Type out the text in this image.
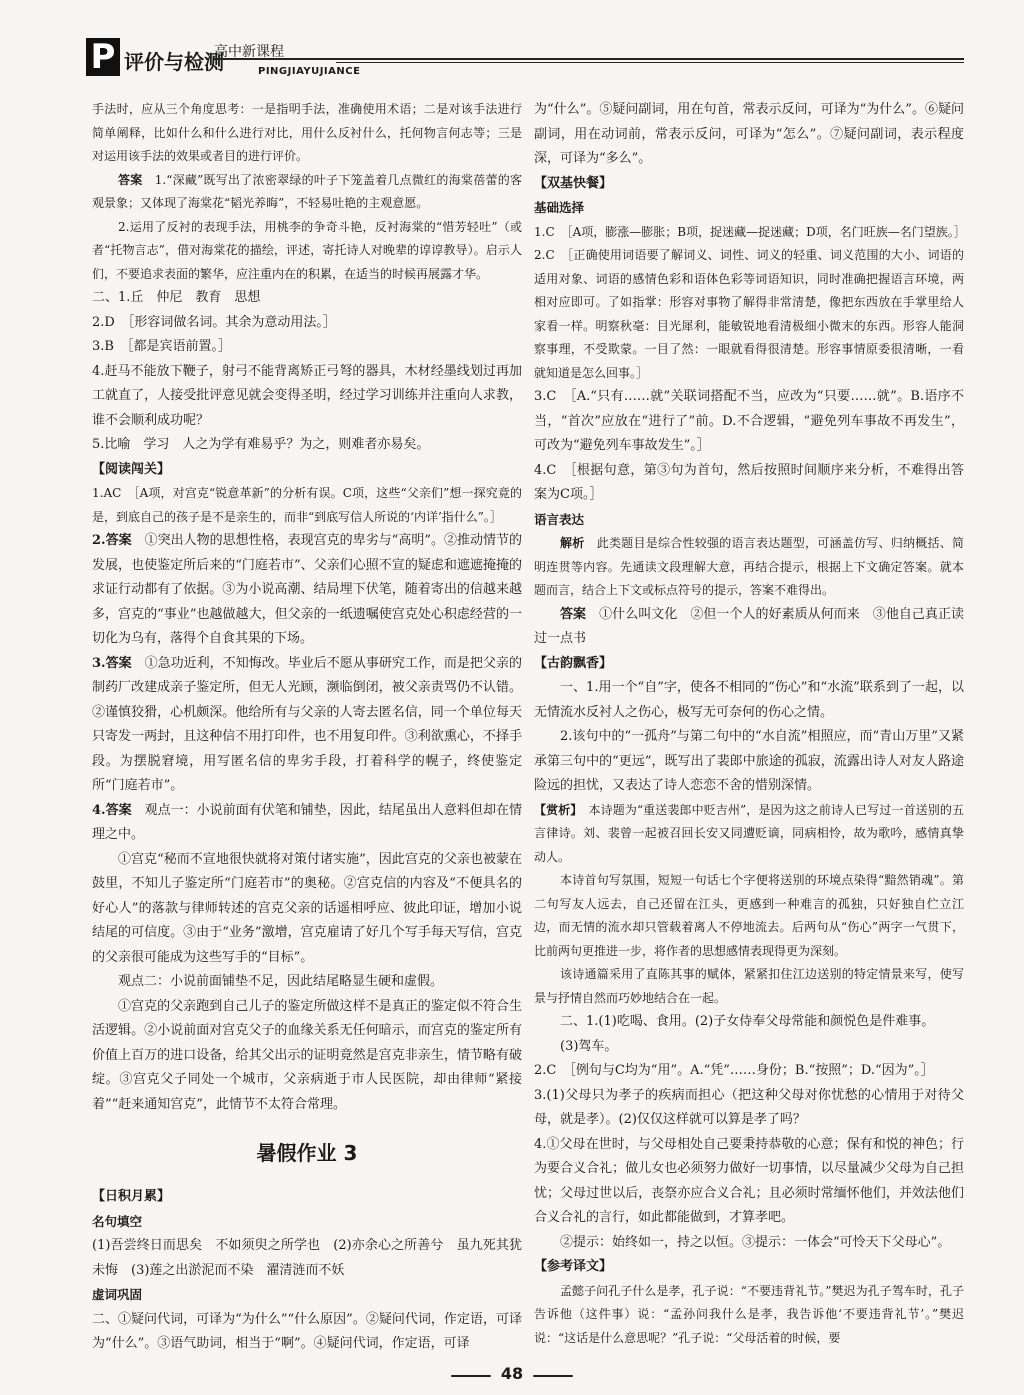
P 评价与检测
高中新课程
PINGJIAYUJIANCE

手法时，应从三个角度思考：一是指明手法，准确使用术语；二是对该手法进行简单阐释，比如什么和什么进行对比，用什么反衬什么，托何物言何志等；三是对运用该手法的效果或者目的进行评价。

答案　 1.“深藏”既写出了浓密翠绿的叶子下笼盖着几点微红的海棠蓓蕾的客观景象；又体现了海棠花“韬光养晦”，不轻易吐艳的主观意愿。

2.运用了反衬的表现手法，用桃李的争奇斗艳，反衬海棠的“惜芳轻吐”（或者“托物言志”，借对海棠花的描绘，评述，寄托诗人对晚辈的谆谆教导）。启示人们，不要追求表面的繁华，应注重内在的积累，在适当的时候再展露才华。

二、1.丘　仲尼　教育　思想

2.D　［形容词做名词。其余为意动用法。］

3.B　［都是宾语前置。］

4.赶马不能放下鞭子，射弓不能背离矫正弓弩的器具，木材经墨线划过再加工就直了，人接受批评意见就会变得圣明，经过学习训练并注重向人求教，谁不会顺利成功呢？

5.比喻　学习　人之为学有难易乎？为之，则难者亦易矣。

【阅读闯关】

1.AC　［A项，对宫克“锐意革新”的分析有误。C项，这些“父亲们”想一探究竟的是，到底自己的孩子是不是亲生的，而非“到底写信人所说的‘内详’指什么”。］

2.答案　 ①突出人物的思想性格，表现宫克的卑劣与“高明”。②推动情节的发展，也使鉴定所后来的“门庭若市”、父亲们心照不宣的疑虑和遮遮掩掩的求证行动都有了依据。③为小说高潮、结局埋下伏笔，随着寄出的信越来越多，宫克的“事业”也越做越大，但父亲的一纸遗嘱使宫克处心积虑经营的一切化为乌有，落得个自食其果的下场。

3.答案　 ①急功近利，不知悔改。毕业后不愿从事研究工作，而是把父亲的制药厂改建成亲子鉴定所，但无人光顾，濒临倒闭，被父亲责骂仍不认错。②谨慎狡猾，心机颇深。他给所有与父亲的人寄去匿名信，同一个单位每天只寄发一两封，且这种信不用打印件，也不用复印件。③利欲熏心，不择手段。为摆脱窘境，用写匿名信的卑劣手段，打着科学的幌子，终使鉴定所“门庭若市”。

4.答案　 观点一：小说前面有伏笔和铺垫，因此，结尾虽出人意料但却在情理之中。

①宫克“秘而不宣地很快就将对策付诸实施”，因此宫克的父亲也被蒙在鼓里，不知儿子鉴定所“门庭若市”的奥秘。②宫克信的内容及“不便具名的好心人”的落款与律师转述的宫克父亲的话遥相呼应、彼此印证，增加小说结尾的可信度。③由于“业务”激增，宫克雇请了好几个写手每天写信，宫克的父亲很可能成为这些写手的“目标”。

观点二：小说前面铺垫不足，因此结尾略显生硬和虚假。

①宫克的父亲跑到自己儿子的鉴定所做这样不是真正的鉴定似不符合生活逻辑。②小说前面对宫克父子的血缘关系无任何暗示，而宫克的鉴定所有价值上百万的进口设备，给其父出示的证明竟然是宫克非亲生，情节略有破绽。③宫克父子同处一个城市，父亲病逝于市人民医院，却由律师“紧接着”“赶来通知宫克”，此情节不太符合常理。

暑假作业 3

【日积月累】

名句填空

(1)吾尝终日而思矣　不如须臾之所学也　(2)亦余心之所善兮　虽九死其犹未悔　(3)莲之出淤泥而不染　濯清涟而不妖

虚词巩固

二、①疑问代词，可译为“为什么”“什么原因”。②疑问代词，作定语，可译为“什么”。③语气助词，相当于“啊”。④疑问代词，作定语，可译

为“什么”。⑤疑问副词，用在句首，常表示反问，可译为“为什么”。⑥疑问副词，用在动词前，常表示反问，可译为“怎么”。⑦疑问副词，表示程度深，可译为“多么”。

【双基快餐】

基础选择

1.C　［A项，膨涨—膨胀；B项，捉迷藏—捉迷藏；D项，名门旺族—名门望族。］

2.C　［正确使用词语要了解词义、词性、词义的轻重、词义范围的大小、词语的适用对象、词语的感情色彩和语体色彩等词语知识，同时准确把握语言环境，两相对应即可。了如指掌：形容对事物了解得非常清楚，像把东西放在手掌里给人家看一样。明察秋毫：目光犀利，能敏锐地看清极细小微末的东西。形容人能洞察事理，不受欺蒙。一目了然：一眼就看得很清楚。形容事情原委很清晰，一看就知道是怎么回事。］

3.C　［A.“只有……就”关联词搭配不当，应改为“只要……就”。B.语序不当，“首次”应放在“进行了”前。D.不合逻辑，“避免列车事故不再发生”，可改为“避免列车事故发生”。］

4.C　［根据句意，第③句为首句，然后按照时间顺序来分析，不难得出答案为C项。］

语言表达

解析　 此类题目是综合性较强的语言表达题型，可涵盖仿写、归纳概括、简明连贯等内容。先通读文段理解大意，再结合提示，根据上下文确定答案。就本题而言，结合上下文或标点符号的提示，答案不难得出。

答案　 ①什么叫文化　②但一个人的好素质从何而来　③他自己真正读过一点书

【古韵飘香】

一、1.用一个“自”字，使各不相同的“伤心”和“水流”联系到了一起，以无情流水反衬人之伤心，极写无可奈何的伤心之情。

2.该句中的“一孤舟”与第二句中的“水自流”相照应，而“青山万里”又紧承第三句中的“更远”，既写出了裴郎中旅途的孤寂，流露出诗人对友人路途险远的担忧，又表达了诗人恋恋不舍的惜别深情。

【赏析】　 本诗题为“重送裴郎中贬吉州”，是因为这之前诗人已写过一首送别的五言律诗。刘、裴曾一起被召回长安又同遭贬谪，同病相怜，故为歌吟，感情真挚动人。

本诗首句写氛围，短短一句话七个字便将送别的环境点染得“黯然销魂”。第二句写友人远去，自己还留在江头，更感到一种难言的孤独，只好独自伫立江边，而无情的流水却只管载着离人不停地流去。后两句从“伤心”两字一气贯下，比前两句更推进一步，将作者的思想感情表现得更为深刻。

该诗通篇采用了直陈其事的赋体，紧紧扣住江边送别的特定情景来写，使写景与抒情自然而巧妙地结合在一起。

二、1.(1)吃喝、食用。(2)子女侍奉父母常能和颜悦色是件难事。

(3)驾车。

2.C　［例句与C均为“用”。A.“凭”……身份；B.“按照”；D.“因为”。］

3.(1)父母只为孝子的疾病而担心（把这种父母对你忧愁的心情用于对待父母，就是孝）。(2)仅仅这样就可以算是孝了吗？

4.①父母在世时，与父母相处自己要秉持恭敬的心意；保有和悦的神色；行为要合义合礼；做儿女也必须努力做好一切事情，以尽量减少父母为自己担忧；父母过世以后，丧祭亦应合义合礼；且必须时常缅怀他们，并效法他们合义合礼的言行，如此都能做到，才算孝吧。

②提示：始终如一，持之以恒。③提示：一体会“可怜天下父母心”。

【参考译文】

孟懿子问孔子什么是孝，孔子说：“不要违背礼节。”樊迟为孔子驾车时，孔子告诉他（这件事）说：“孟孙问我什么是孝，我告诉他‘不要违背礼节’。”樊迟说：“这话是什么意思呢？”孔子说：“父母活着的时候，要

48
